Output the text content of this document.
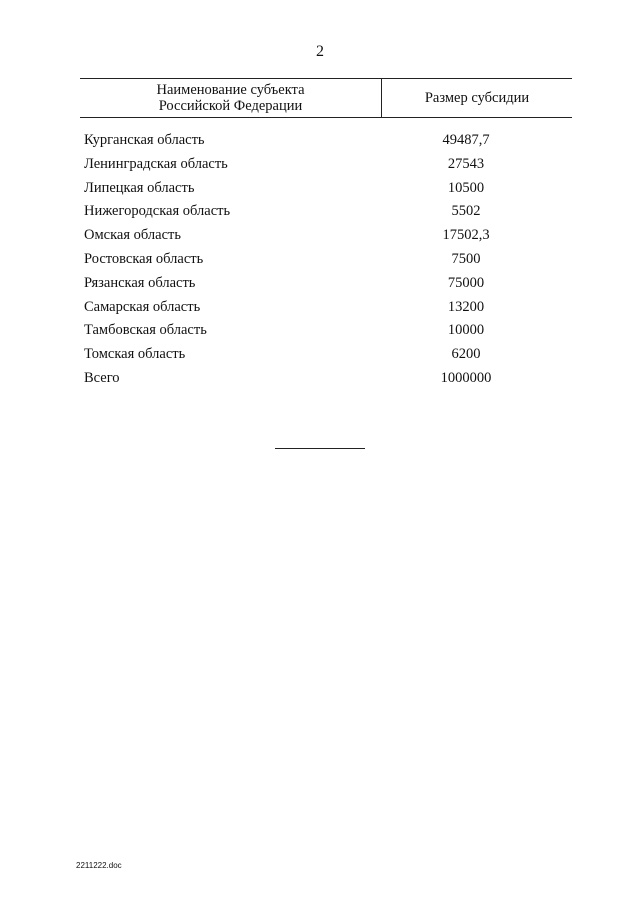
2
Наименование субъекта
Российской Федерации	Размер субсидии
Курганская область	49487,7
Ленинградская область	27543
Липецкая область	10500
Нижегородская область	5502
Омская область	17502,3
Ростовская область	7500
Рязанская область	75000
Самарская область	13200
Тамбовская область	10000
Томская область	6200
Всего	1000000
2211222.doc
